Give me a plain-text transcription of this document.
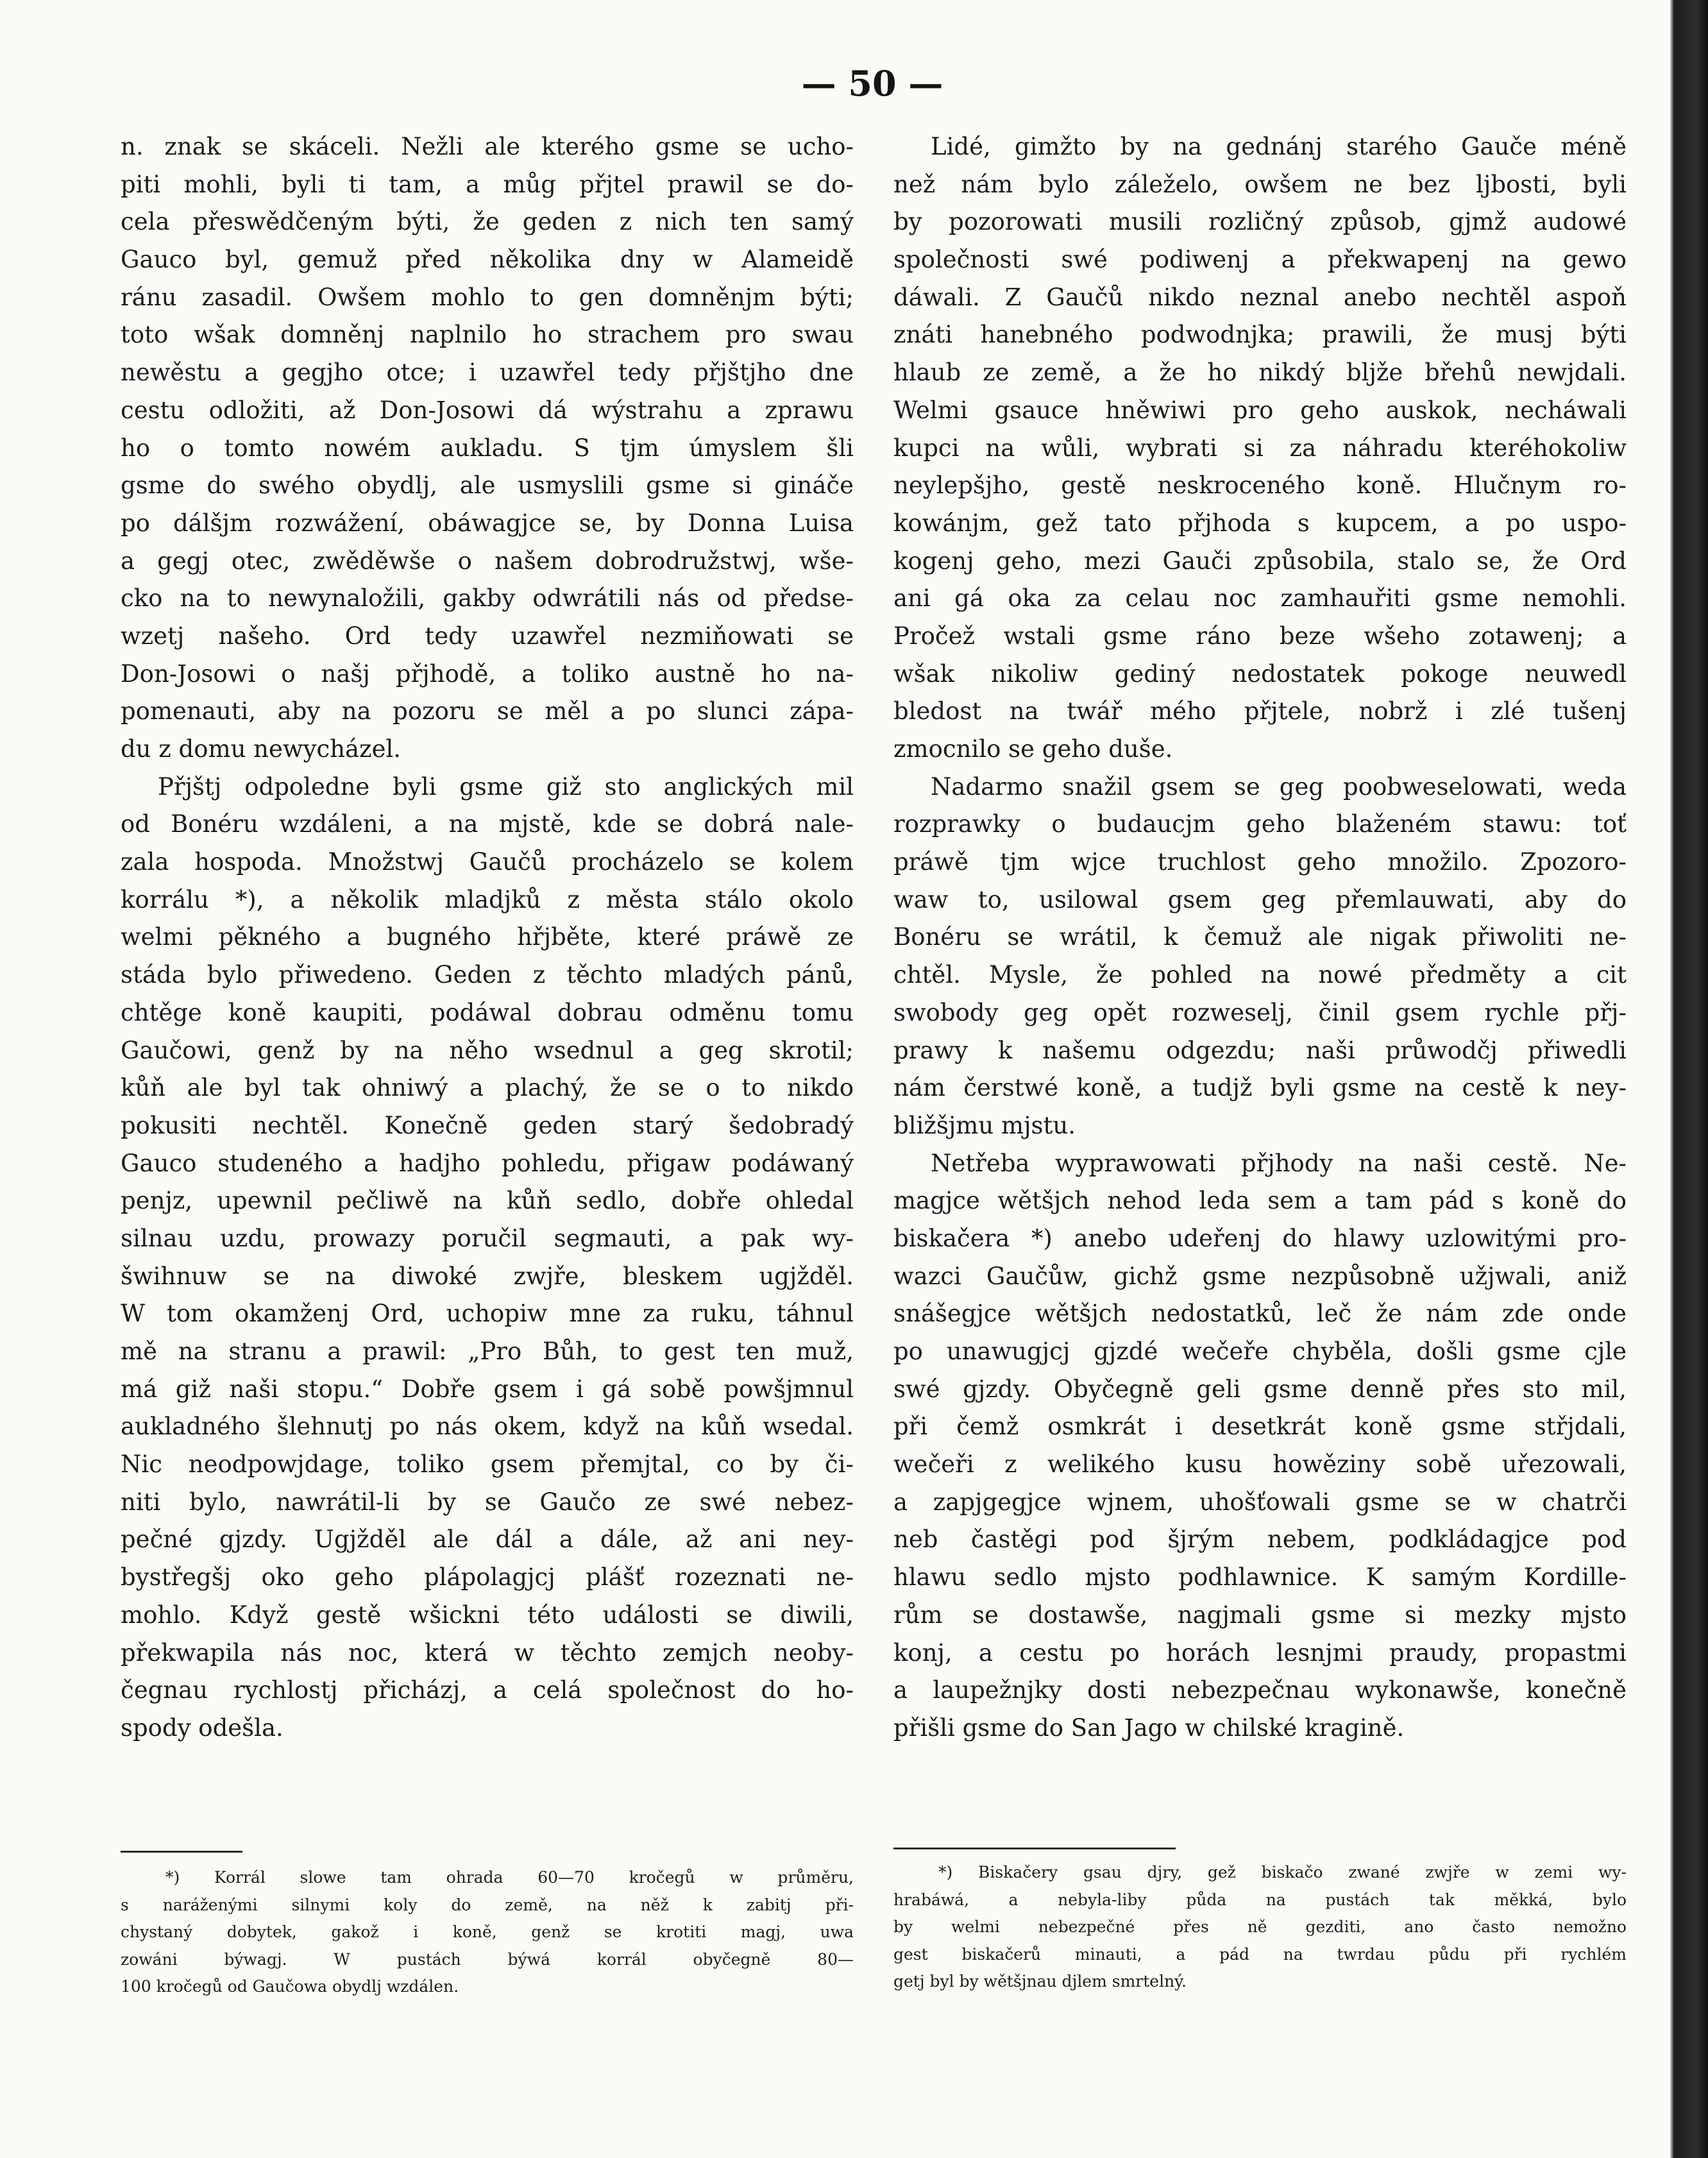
— 50 —
n. znak se skáceli. Nežli ale kterého gsme se ucho-
piti mohli, byli ti tam, a můg přjtel prawil se do-
cela přeswědčeným býti, že geden z nich ten samý
Gauco byl, gemuž před několika dny w Alameidě
ránu zasadil. Owšem mohlo to gen domněnjm býti;
toto wšak domněnj naplnilo ho strachem pro swau
newěstu a gegjho otce; i uzawřel tedy přjštjho dne
cestu odložiti, až Don-Josowi dá wýstrahu a zprawu
ho o tomto nowém aukladu. S tjm úmyslem šli
gsme do swého obydlj, ale usmyslili gsme si gináče
po dálšjm rozwážení, obáwagjce se, by Donna Luisa
a gegj otec, zwěděwše o našem dobrodružstwj, wše-
cko na to newynaložili, gakby odwrátili nás od předse-
wzetj našeho. Ord tedy uzawřel nezmiňowati se
Don-Josowi o našj přjhodě, a toliko austně ho na-
pomenauti, aby na pozoru se měl a po slunci zápa-
du z domu newycházel.
Přjštj odpoledne byli gsme giž sto anglických mil
od Bonéru wzdáleni, a na mjstě, kde se dobrá nale-
zala hospoda. Množstwj Gaučů procházelo se kolem
korrálu *), a několik mladjků z města stálo okolo
welmi pěkného a bugného hřjběte, které práwě ze
stáda bylo přiwedeno. Geden z těchto mladých pánů,
chtěge koně kaupiti, podáwal dobrau odměnu tomu
Gaučowi, genž by na něho wsednul a geg skrotil;
kůň ale byl tak ohniwý a plachý, že se o to nikdo
pokusiti nechtěl. Konečně geden starý šedobradý
Gauco studeného a hadjho pohledu, přigaw podáwaný
penjz, upewnil pečliwě na kůň sedlo, dobře ohledal
silnau uzdu, prowazy poručil segmauti, a pak wy-
šwihnuw se na diwoké zwjře, bleskem ugjžděl.
W tom okamženj Ord, uchopiw mne za ruku, táhnul
mě na stranu a prawil: „Pro Bůh, to gest ten muž,
má giž naši stopu.“ Dobře gsem i gá sobě powšjmnul
aukladného šlehnutj po nás okem, když na kůň wsedal.
Nic neodpowjdage, toliko gsem přemjtal, co by či-
niti bylo, nawrátil-li by se Gaučo ze swé nebez-
pečné gjzdy. Ugjžděl ale dál a dále, až ani ney-
bystřegšj oko geho plápolagjcj plášť rozeznati ne-
mohlo. Když gestě wšickni této události se diwili,
překwapila nás noc, která w těchto zemjch neoby-
čegnau rychlostj přicházj, a celá společnost do ho-
spody odešla.
Lidé, gimžto by na gednánj starého Gauče méně
než nám bylo záleželo, owšem ne bez ljbosti, byli
by pozorowati musili rozličný způsob, gjmž audowé
společnosti swé podiwenj a překwapenj na gewo
dáwali. Z Gaučů nikdo neznal anebo nechtěl aspoň
znáti hanebného podwodnjka; prawili, že musj býti
hlaub ze země, a že ho nikdý bljže břehů newjdali.
Welmi gsauce hněwiwi pro geho auskok, necháwali
kupci na wůli, wybrati si za náhradu kteréhokoliw
neylepšjho, gestě neskroceného koně. Hlučnym ro-
kowánjm, gež tato přjhoda s kupcem, a po uspo-
kogenj geho, mezi Gauči způsobila, stalo se, že Ord
ani gá oka za celau noc zamhauřiti gsme nemohli.
Pročež wstali gsme ráno beze wšeho zotawenj; a
wšak nikoliw gediný nedostatek pokoge neuwedl
bledost na twář mého přjtele, nobrž i zlé tušenj
zmocnilo se geho duše.
Nadarmo snažil gsem se geg poobweselowati, weda
rozprawky o budaucjm geho blaženém stawu: toť
práwě tjm wjce truchlost geho množilo. Zpozoro-
waw to, usilowal gsem geg přemlauwati, aby do
Bonéru se wrátil, k čemuž ale nigak přiwoliti ne-
chtěl. Mysle, že pohled na nowé předměty a cit
swobody geg opět rozweselj, činil gsem rychle přj-
prawy k našemu odgezdu; naši průwodčj přiwedli
nám čerstwé koně, a tudjž byli gsme na cestě k ney-
bližšjmu mjstu.
Netřeba wyprawowati přjhody na naši cestě. Ne-
magjce wětšjch nehod leda sem a tam pád s koně do
biskačera *) anebo udeřenj do hlawy uzlowitými pro-
wazci Gaučůw, gichž gsme nezpůsobně užjwali, aniž
snášegjce wětšjch nedostatků, leč že nám zde onde
po unawugjcj gjzdé wečeře chyběla, došli gsme cjle
swé gjzdy. Obyčegně geli gsme denně přes sto mil,
při čemž osmkrát i desetkrát koně gsme střjdali,
wečeři z welikého kusu howěziny sobě uřezowali,
a zapjgegjce wjnem, uhošťowali gsme se w chatrči
neb častěgi pod šjrým nebem, podkládagjce pod
hlawu sedlo mjsto podhlawnice. K samým Kordille-
rům se dostawše, nagjmali gsme si mezky mjsto
konj, a cestu po horách lesnjmi praudy, propastmi
a laupežnjky dosti nebezpečnau wykonawše, konečně
přišli gsme do San Jago w chilské kragině.
*) Korrál slowe tam ohrada 60—70 kročegů w průměru,
s naráženými silnymi koly do země, na něž k zabitj při-
chystaný dobytek, gakož i koně, genž se krotiti magj, uwa
zowáni býwagj. W pustách býwá korrál obyčegně 80—
100 kročegů od Gaučowa obydlj wzdálen.
*) Biskačery gsau djry, gež biskačo zwané zwjře w zemi wy-
hrabáwá, a nebyla-liby půda na pustách tak měkká, bylo
by welmi nebezpečné přes ně gezditi, ano často nemožno
gest biskačerů minauti, a pád na twrdau půdu při rychlém
getj byl by wětšjnau djlem smrtelný.
